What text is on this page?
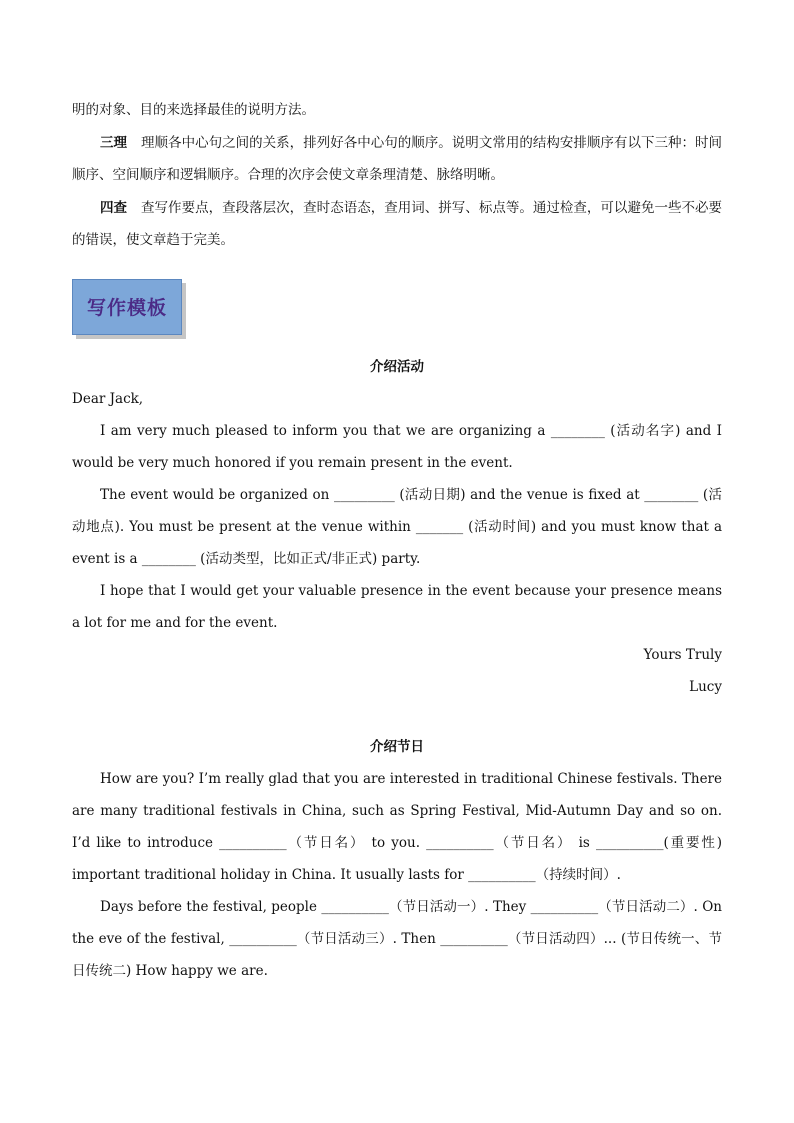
明的对象、目的来选择最佳的说明方法。

三理 理顺各中心句之间的关系，排列好各中心句的顺序。说明文常用的结构安排顺序有以下三种：时间顺序、空间顺序和逻辑顺序。合理的次序会使文章条理清楚、脉络明晰。

四查 查写作要点，查段落层次，查时态语态，查用词、拼写、标点等。通过检查，可以避免一些不必要的错误，使文章趋于完美。

写作模板

介绍活动

Dear Jack,

I am very much pleased to inform you that we are organizing a ________ (活动名字) and I would be very much honored if you remain present in the event.

The event would be organized on _________ (活动日期) and the venue is fixed at ________ (活动地点). You must be present at the venue within _______ (活动时间) and you must know that a event is a ________ (活动类型，比如正式/非正式) party.

I hope that I would get your valuable presence in the event because your presence means a lot for me and for the event.

Yours Truly

Lucy

介绍节日

How are you? I’m really glad that you are interested in traditional Chinese festivals. There are many traditional festivals in China, such as Spring Festival, Mid-Autumn Day and so on. I’d like to introduce __________（节日名） to you. __________（节日名） is __________(重要性) important traditional holiday in China. It usually lasts for __________（持续时间）.

Days before the festival, people __________（节日活动一）. They __________（节日活动二）. On the eve of the festival, __________（节日活动三）. Then __________（节日活动四）... (节日传统一、节日传统二) How happy we are.
